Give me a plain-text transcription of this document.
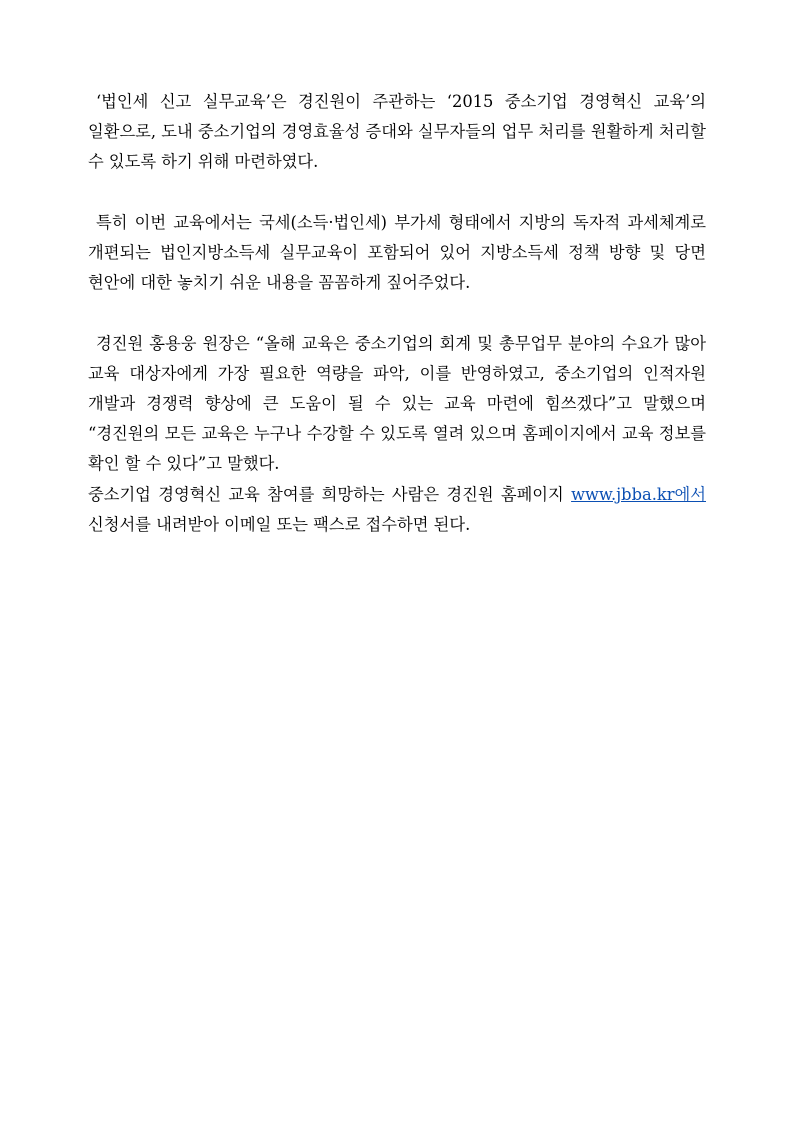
‘법인세 신고 실무교육’은 경진원이 주관하는 ‘2015 중소기업 경영혁신 교육’의 일환으로, 도내 중소기업의 경영효율성 증대와 실무자들의 업무 처리를 원활하게 처리할 수 있도록 하기 위해 마련하였다.

특히 이번 교육에서는 국세(소득·법인세) 부가세 형태에서 지방의 독자적 과세체계로 개편되는 법인지방소득세 실무교육이 포함되어 있어 지방소득세 정책 방향 및 당면 현안에 대한 놓치기 쉬운 내용을 꼼꼼하게 짚어주었다.

경진원 홍용웅 원장은 “올해 교육은 중소기업의 회계 및 총무업무 분야의 수요가 많아 교육 대상자에게 가장 필요한 역량을 파악, 이를 반영하였고, 중소기업의 인적자원 개발과 경쟁력 향상에 큰 도움이 될 수 있는 교육 마련에 힘쓰겠다”고 말했으며 “경진원의 모든 교육은 누구나 수강할 수 있도록 열려 있으며 홈페이지에서 교육 정보를 확인 할 수 있다”고 말했다.

중소기업 경영혁신 교육 참여를 희망하는 사람은 경진원 홈페이지 www.jbba.kr에서 신청서를 내려받아 이메일 또는 팩스로 접수하면 된다.
